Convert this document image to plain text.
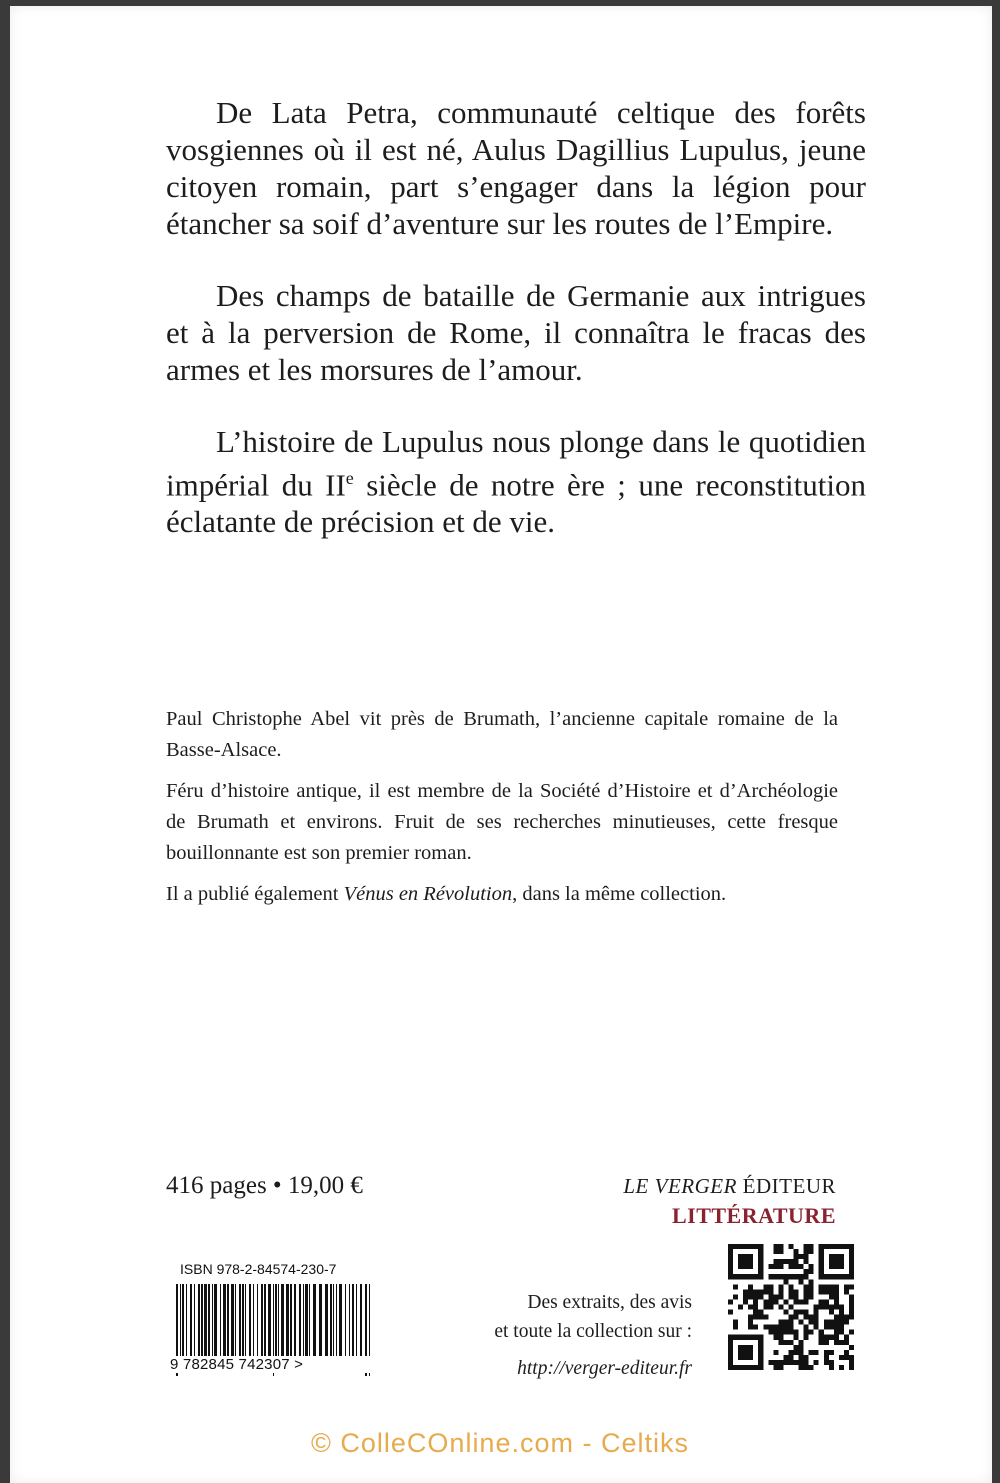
De Lata Petra, communauté celtique des forêts vosgiennes où il est né, Aulus Dagillius Lupulus, jeune citoyen romain, part s’engager dans la légion pour étancher sa soif d’aventure sur les routes de l’Empire.

Des champs de bataille de Germanie aux intrigues et à la perversion de Rome, il connaîtra le fracas des armes et les morsures de l’amour.

L’histoire de Lupulus nous plonge dans le quotidien impérial du IIe siècle de notre ère ; une reconstitution éclatante de précision et de vie.

Paul Christophe Abel vit près de Brumath, l’ancienne capitale romaine de la Basse-Alsace.

Féru d’histoire antique, il est membre de la Société d’Histoire et d’Archéologie de Brumath et environs. Fruit de ses recherches minutieuses, cette fresque bouillonnante est son premier roman.

Il a publié également Vénus en Révolution, dans la même collection.

416 pages • 19,00 €	LE VERGER ÉDITEUR
LITTÉRATURE
ISBN 978-2-84574-230-7
9 782845 742307 >
Des extraits, des avis
et toute la collection sur :
http://verger-editeur.fr
© ColleCOnline.com - Celtiks
